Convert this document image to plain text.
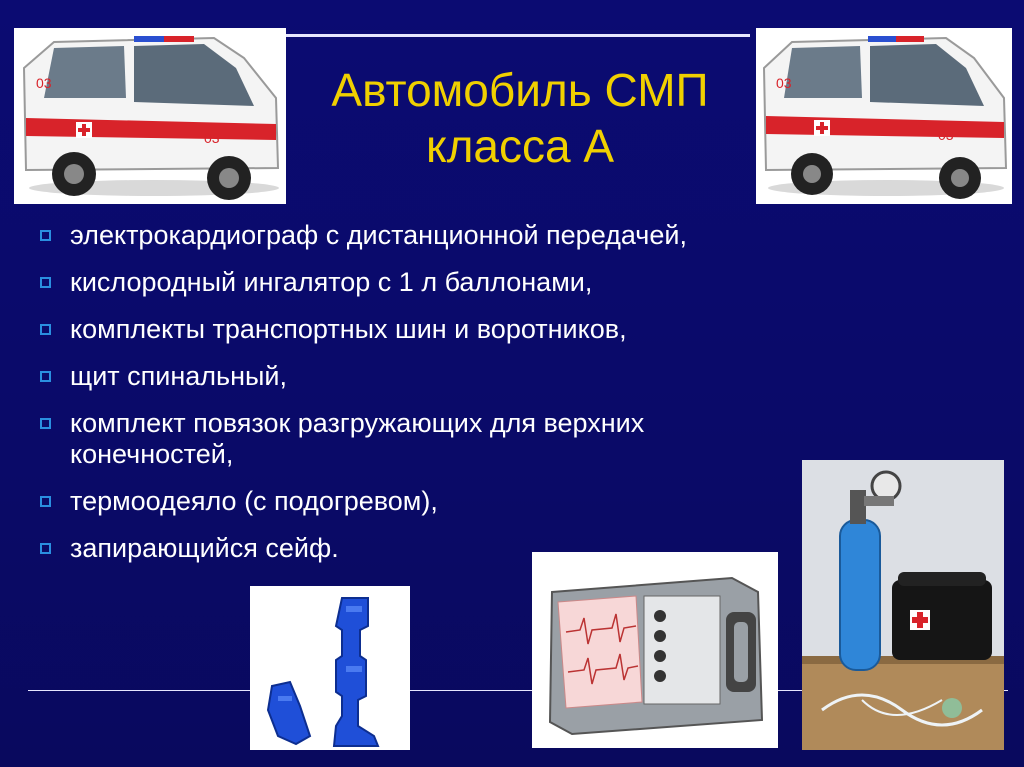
03
03
03
03
Автомобиль СМП
класса А
электрокардиограф с дистанционной передачей,
кислородный ингалятор с 1 л баллонами,
комплекты транспортных шин и воротников,
щит спинальный,
комплект повязок разгружающих для верхних конечностей,
термоодеяло (с подогревом),
запирающийся сейф.
